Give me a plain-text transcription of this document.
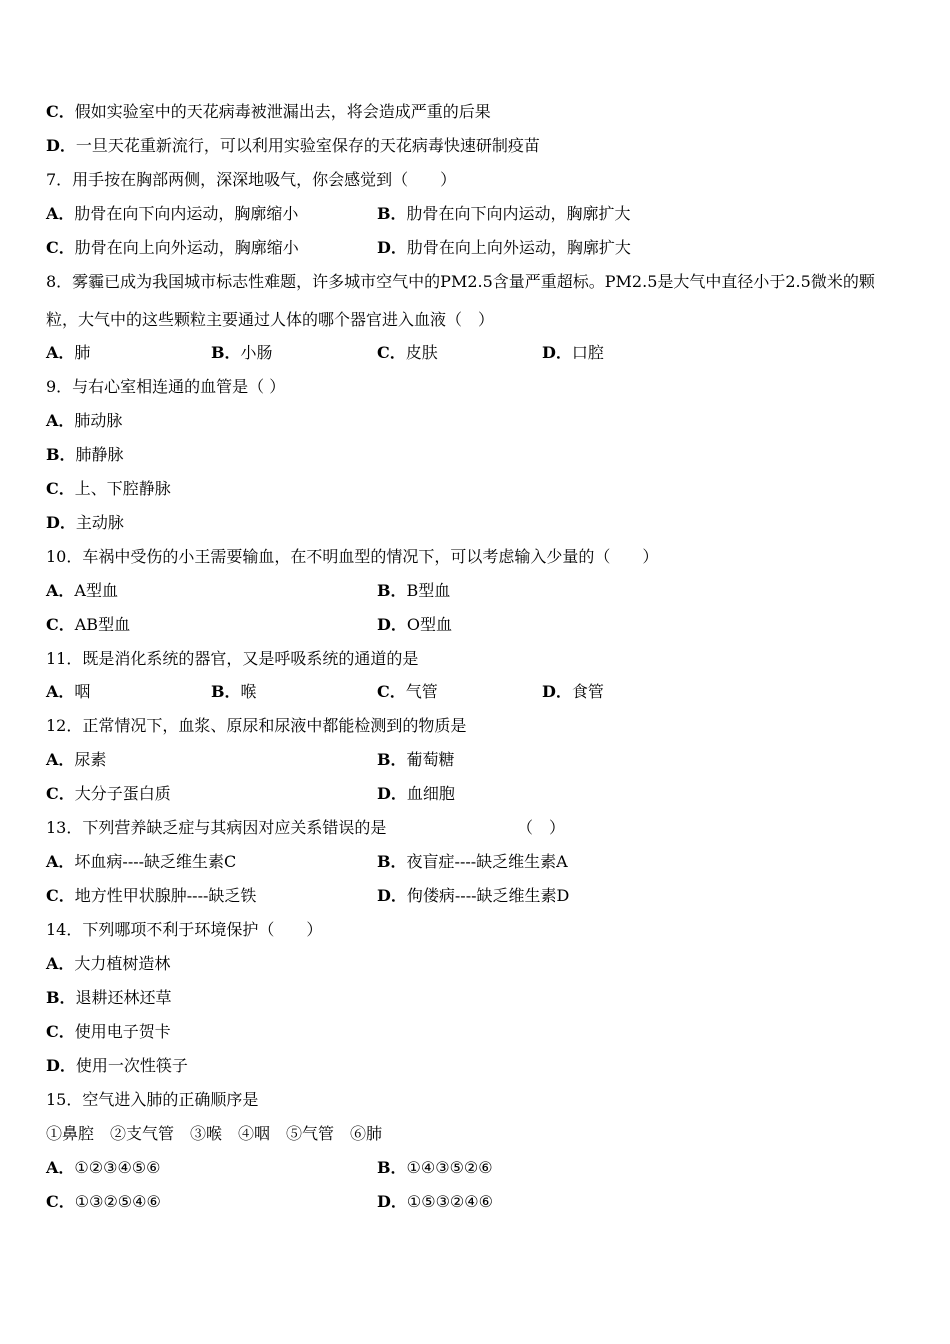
C．假如实验室中的天花病毒被泄漏出去，将会造成严重的后果
D．一旦天花重新流行，可以利用实验室保存的天花病毒快速研制疫苗
7．用手按在胸部两侧，深深地吸气，你会感觉到（　　）
A．肋骨在向下向内运动，胸廓缩小	B．肋骨在向下向内运动，胸廓扩大
C．肋骨在向上向外运动，胸廓缩小	D．肋骨在向上向外运动，胸廓扩大
8．雾霾已成为我国城市标志性难题，许多城市空气中的PM2.5含量严重超标。PM2.5是大气中直径小于2.5微米的颗粒，大气中的这些颗粒主要通过人体的哪个器官进入血液（　）
A．肺	B．小肠	C．皮肤	D．口腔
9．与右心室相连通的血管是（ ）
A．肺动脉
B．肺静脉
C．上、下腔静脉
D．主动脉
10．车祸中受伤的小王需要输血，在不明血型的情况下，可以考虑输入少量的（　　）
A．A型血	B．B型血
C．AB型血	D．O型血
11．既是消化系统的器官，又是呼吸系统的通道的是
A．咽	B．喉	C．气管	D．食管
12．正常情况下，血浆、原尿和尿液中都能检测到的物质是
A．尿素	B．葡萄糖
C．大分子蛋白质	D．血细胞
13．下列营养缺乏症与其病因对应关系错误的是	（　）
A．坏血病----缺乏维生素C	B．夜盲症----缺乏维生素A
C．地方性甲状腺肿----缺乏铁	D．佝偻病----缺乏维生素D
14．下列哪项不利于环境保护（　　）
A．大力植树造林
B．退耕还林还草
C．使用电子贺卡
D．使用一次性筷子
15．空气进入肺的正确顺序是
①鼻腔　②支气管　③喉　④咽　⑤气管　⑥肺
A．①②③④⑤⑥	B．①④③⑤②⑥
C．①③②⑤④⑥	D．①⑤③②④⑥
